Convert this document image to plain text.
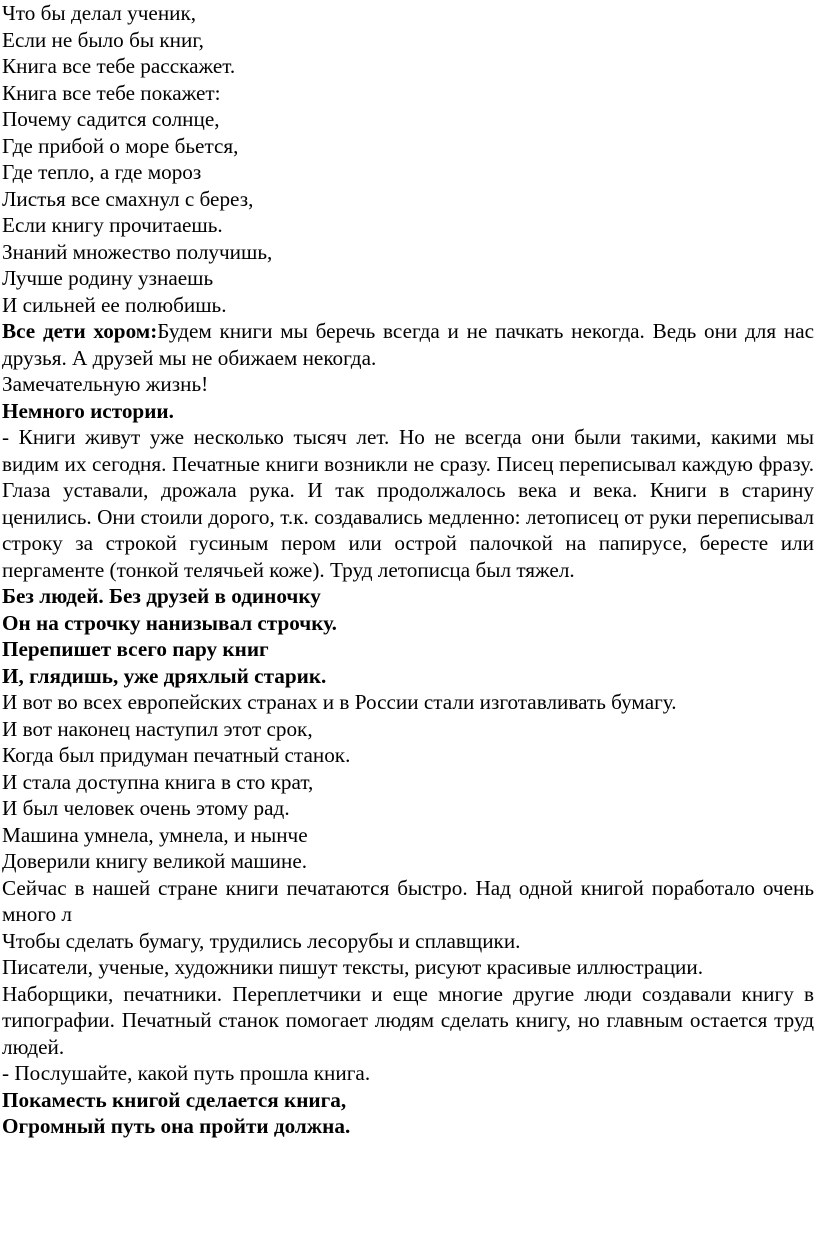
Что бы делал ученик,
Если не было бы книг,
Книга все тебе расскажет.
Книга все тебе покажет:
Почему садится солнце,
Где прибой о море бьется,
Где тепло, а где мороз
Листья все смахнул с берез,
Если книгу прочитаешь.
Знаний множество получишь,
Лучше родину узнаешь
И сильней ее полюбишь.
Все дети хором:Будем книги мы беречь всегда и не пачкать некогда. Ведь они для нас друзья. А друзей мы не обижаем некогда.
Замечательную жизнь!
Немного истории.
- Книги живут уже несколько тысяч лет. Но не всегда они были такими, какими мы видим их сегодня. Печатные книги возникли не сразу. Писец переписывал каждую фразу. Глаза уставали, дрожала рука. И так продолжалось века и века. Книги в старину ценились. Они стоили дорого, т.к. создавались медленно: летописец от руки переписывал строку за строкой гусиным пером или острой палочкой на папирусе, бересте или пергаменте (тонкой телячьей коже). Труд летописца был тяжел.
Без людей. Без друзей в одиночку
Он на строчку нанизывал строчку.
Перепишет всего пару книг
И, глядишь, уже дряхлый старик.
И вот во всех европейских странах и в России стали изготавливать бумагу.
И вот наконец наступил этот срок,
Когда был придуман печатный станок.
И стала доступна книга в сто крат,
И был человек очень этому рад.
Машина умнела, умнела, и нынче
Доверили книгу великой машине.
Сейчас в нашей стране книги печатаются быстро. Над одной книгой поработало очень много л
Чтобы сделать бумагу, трудились лесорубы и сплавщики.
Писатели, ученые, художники пишут тексты, рисуют красивые иллюстрации.
Наборщики, печатники. Переплетчики и еще многие другие люди создавали книгу в типографии. Печатный станок помогает людям сделать книгу, но главным остается труд людей.
- Послушайте, какой путь прошла книга.
Покаместь книгой сделается книга,
Огромный путь она пройти должна.
